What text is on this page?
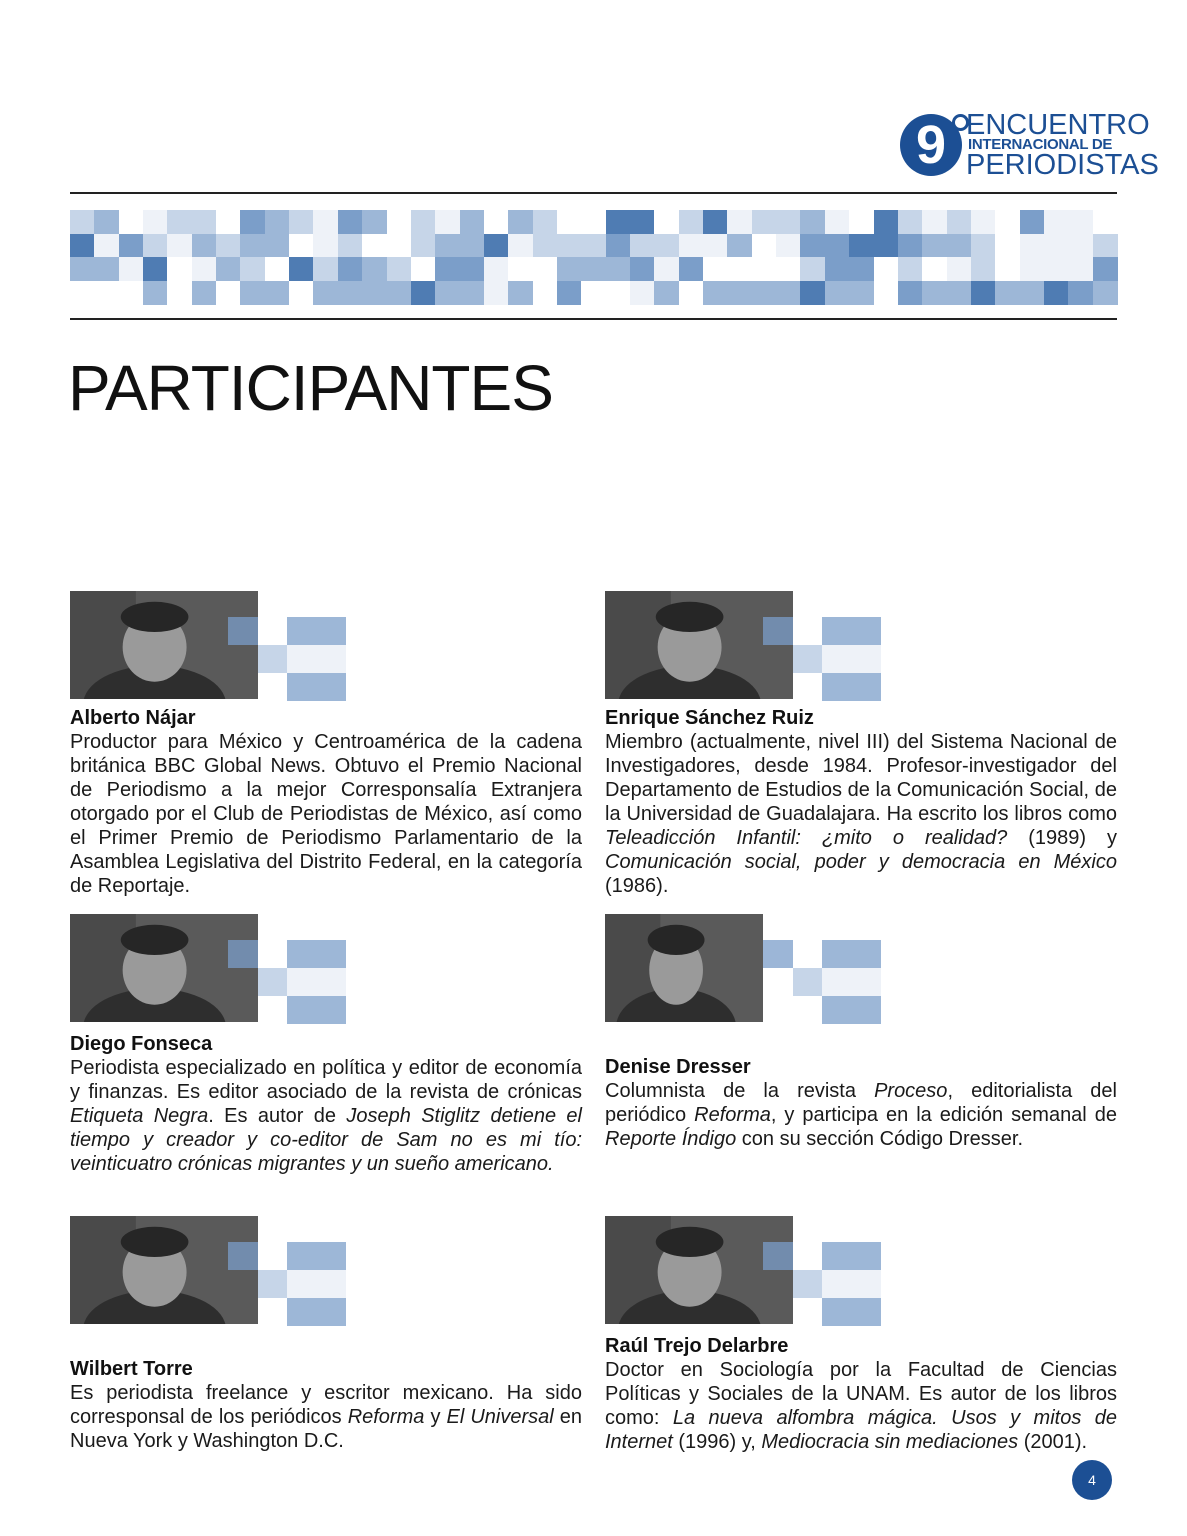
9 ENCUENTRO
INTERNACIONAL DE
PERIODISTAS
PARTICIPANTES

Alberto Nájar

Productor para México y Centroamérica de la cadena británica BBC Global News. Obtuvo el Premio Nacional de Periodismo a la mejor Corresponsalía Extranjera otorgado por el Club de Periodistas de México, así como el Primer Premio de Periodismo Parlamentario de la Asamblea Legislativa del Distrito Federal, en la categoría de Reportaje.

Enrique Sánchez Ruiz

Miembro (actualmente, nivel III) del Sistema Nacional de Investigadores, desde 1984. Profesor-investigador del Departamento de Estudios de la Comunicación Social, de la Universidad de Guadalajara. Ha escrito los libros como Teleadicción Infantil: ¿mito o realidad? (1989) y Comunicación social, poder y democracia en México (1986).

Diego Fonseca

Periodista especializado en política y editor de economía y finanzas. Es editor asociado de la revista de crónicas Etiqueta Negra. Es autor de Joseph Stiglitz detiene el tiempo y creador y co-editor de Sam no es mi tío: veinticuatro crónicas migrantes y un sueño americano.

Denise Dresser

Columnista de la revista Proceso, editorialista del periódico Reforma, y participa en la edición semanal de Reporte Índigo con su sección Código Dresser.

Wilbert Torre

Es periodista freelance y escritor mexicano. Ha sido corresponsal de los periódicos Reforma y El Universal en Nueva York y Washington D.C.

Raúl Trejo Delarbre

Doctor en Sociología por la Facultad de Ciencias Políticas y Sociales de la UNAM. Es autor de los libros como: La nueva alfombra mágica. Usos y mitos de Internet (1996) y, Mediocracia sin mediaciones (2001).

4
